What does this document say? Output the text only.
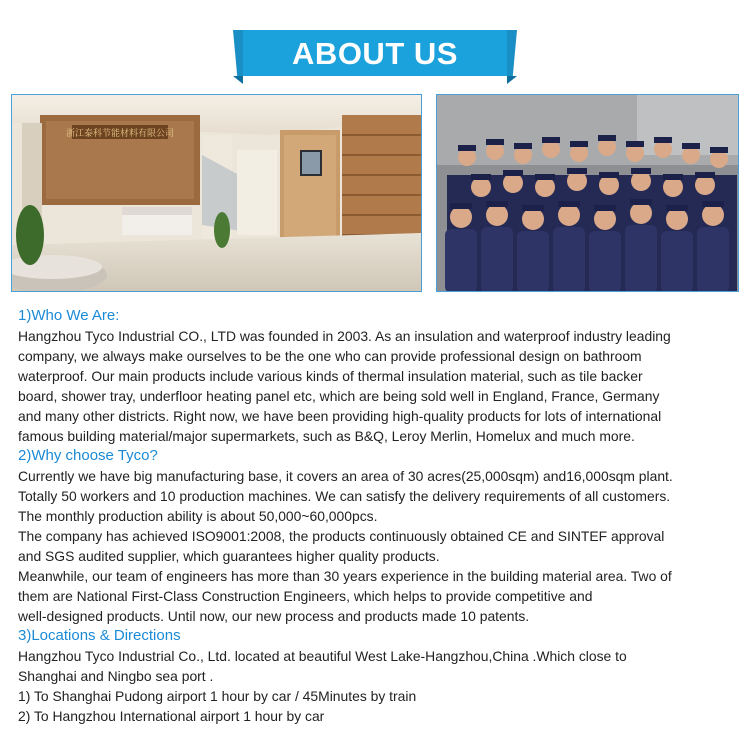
ABOUT US
浙江泰科节能材料有限公司
1)Who We Are:
Hangzhou Tyco Industrial CO., LTD was founded in 2003. As an insulation and waterproof industry leading
company, we always make ourselves to be the one who can provide professional design on bathroom
waterproof. Our main products include various kinds of thermal insulation material, such as tile backer
board, shower tray, underfloor heating panel etc, which are being sold well in England, France, Germany
and many other districts. Right now, we have been providing high-quality products for lots of international
famous building material/major supermarkets, such as B&Q, Leroy Merlin, Homelux and much more.
2)Why choose Tyco?
Currently we have big manufacturing base, it covers an area of 30 acres(25,000sqm) and16,000sqm plant.
Totally 50 workers and 10 production machines. We can satisfy the delivery requirements of all customers.
The monthly production ability is about 50,000~60,000pcs.
The company has achieved ISO9001:2008, the products continuously obtained CE and SINTEF approval
and SGS audited supplier, which guarantees higher quality products.
Meanwhile, our team of engineers has more than 30 years experience in the building material area. Two of
them are National First-Class Construction Engineers, which helps to provide competitive and
well-designed products. Until now, our new process and products made 10 patents.
3)Locations & Directions
Hangzhou Tyco Industrial Co., Ltd. located at beautiful West Lake-Hangzhou,China .Which close to
Shanghai and Ningbo sea port .
1) To Shanghai Pudong airport 1 hour by car / 45Minutes by train
2) To Hangzhou International airport 1 hour by car
